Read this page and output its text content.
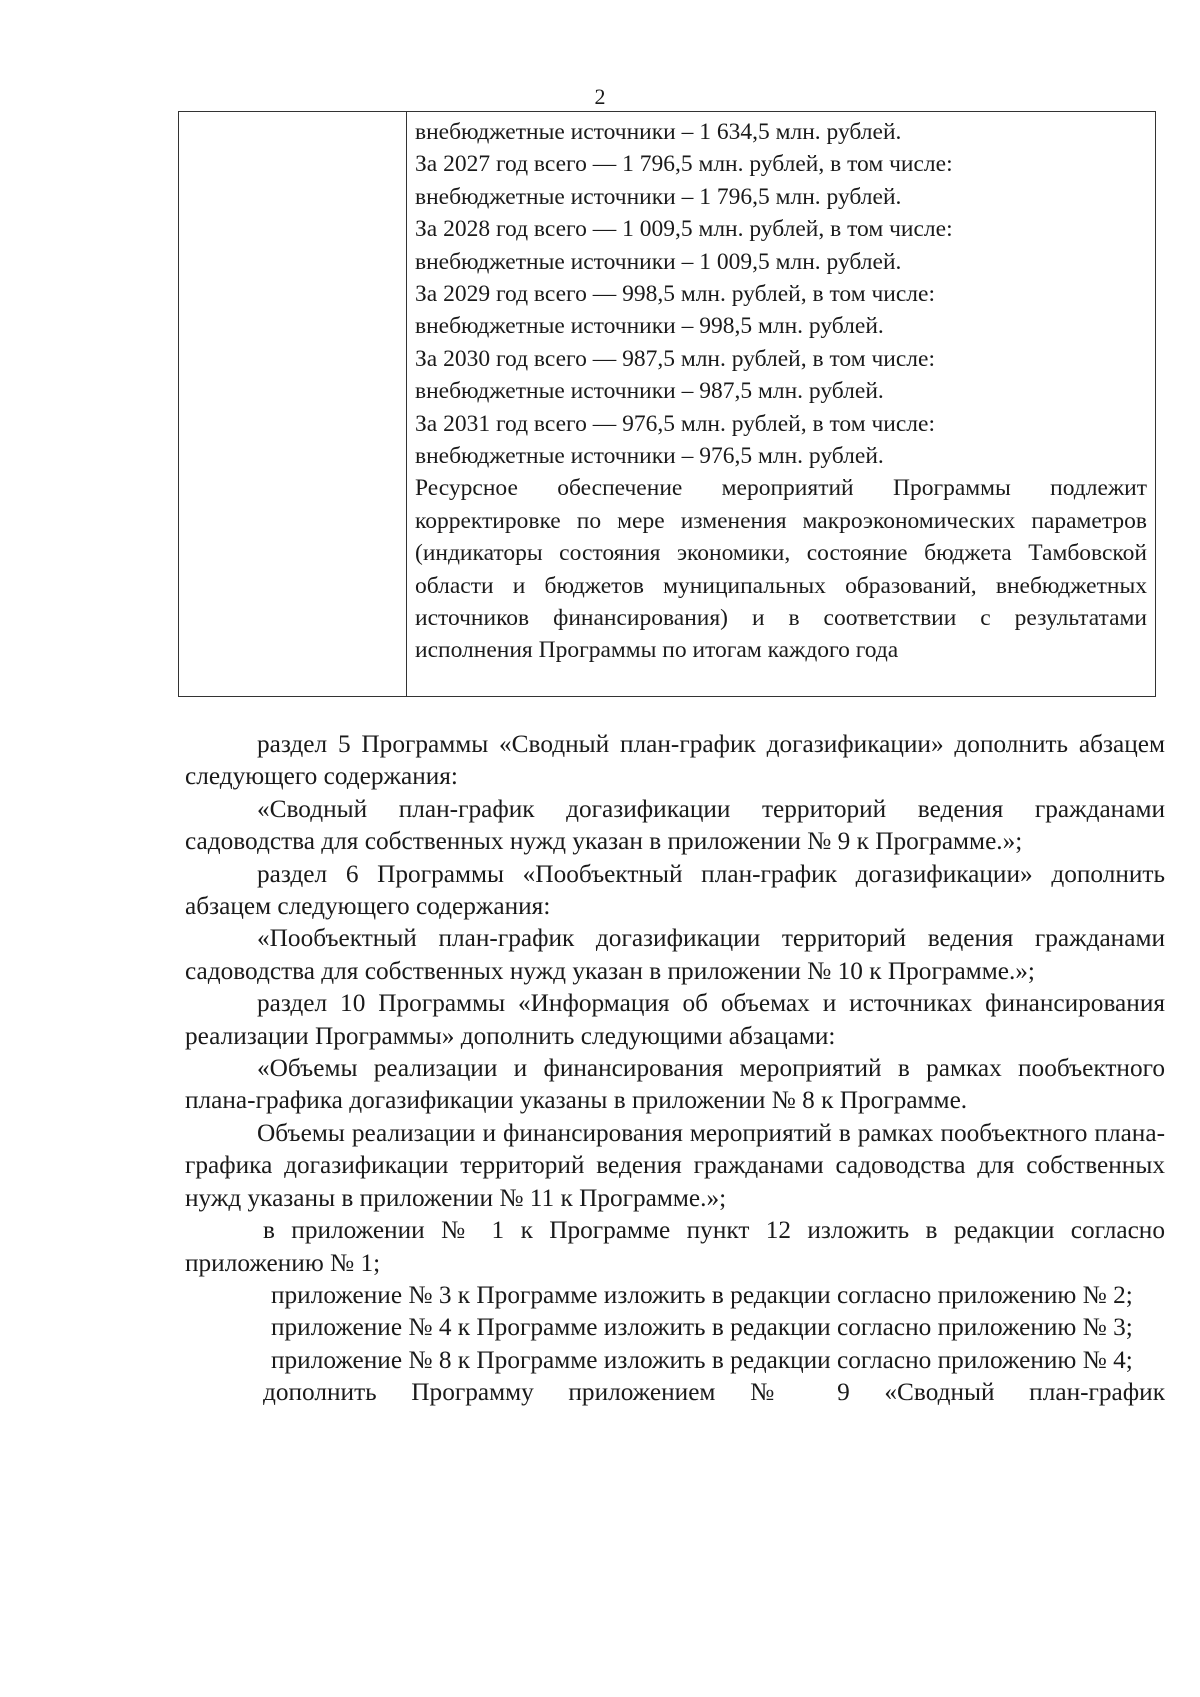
2
внебюджетные источники – 1 634,5 млн. рублей.
За 2027 год всего — 1 796,5 млн. рублей, в том числе:
внебюджетные источники – 1 796,5 млн. рублей.
За 2028 год всего — 1 009,5 млн. рублей, в том числе:
внебюджетные источники – 1 009,5 млн. рублей.
За 2029 год всего — 998,5 млн. рублей, в том числе:
внебюджетные источники – 998,5 млн. рублей.
За 2030 год всего — 987,5 млн. рублей, в том числе:
внебюджетные источники – 987,5 млн. рублей.
За 2031 год всего — 976,5 млн. рублей, в том числе:
внебюджетные источники – 976,5 млн. рублей.
Ресурсное обеспечение мероприятий Программы подлежит корректировке по мере изменения макроэкономических параметров (индикаторы состояния экономики, состояние бюджета Тамбовской области и бюджетов муниципальных образований, внебюджетных источников финансирования) и в соответствии с результатами исполнения Программы по итогам каждого года

раздел 5 Программы «Сводный план-график догазификации» дополнить абзацем следующего содержания:

«Сводный план-график догазификации территорий ведения гражданами садоводства для собственных нужд указан в приложении № 9 к Программе.»;

раздел 6 Программы «Пообъектный план-график догазификации» дополнить абзацем следующего содержания:

«Пообъектный план-график догазификации территорий ведения гражданами садоводства для собственных нужд указан в приложении № 10 к Программе.»;

раздел 10 Программы «Информация об объемах и источниках финансирования реализации Программы» дополнить следующими абзацами:

«Объемы реализации и финансирования мероприятий в рамках пообъектного плана-графика догазификации указаны в приложении № 8 к Программе.

Объемы реализации и финансирования мероприятий в рамках пообъектного плана-графика догазификации территорий ведения гражданами садоводства для собственных нужд указаны в приложении № 11 к Программе.»;

в приложении № 1 к Программе пункт 12 изложить в редакции согласно приложению № 1;

приложение № 3 к Программе изложить в редакции согласно приложению № 2;

приложение № 4 к Программе изложить в редакции согласно приложению № 3;

приложение № 8 к Программе изложить в редакции согласно приложению № 4;

дополнить Программу приложением № 9 «Сводный план-график
